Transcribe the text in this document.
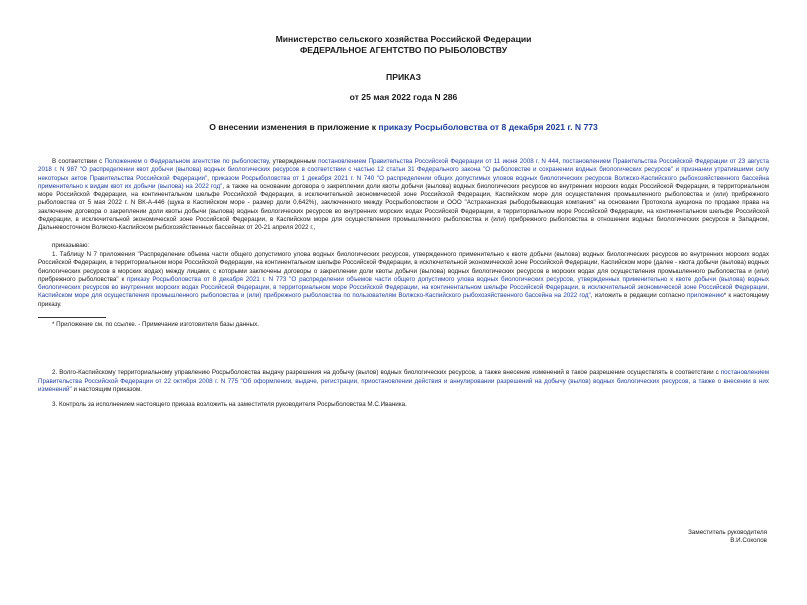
Министерство сельского хозяйства Российской Федерации
ФЕДЕРАЛЬНОЕ АГЕНТСТВО ПО РЫБОЛОВСТВУ
ПРИКАЗ
от 25 мая 2022 года N 286
О внесении изменения в приложение к приказу Росрыболовства от 8 декабря 2021 г. N 773

В соответствии с Положением о Федеральном агентстве по рыболовству, утвержденным постановлением Правительства Российской Федерации от 11 июня 2008 г. N 444, постановлением Правительства Российской Федерации от 23 августа 2018 г. N 987 "О распределении квот добычи (вылова) водных биологических ресурсов в соответствии с частью 12 статьи 31 Федерального закона "О рыболовстве и сохранении водных биологических ресурсов" и признании утратившими силу некоторых актов Правительства Российской Федерации", приказом Росрыболовства от 1 декабря 2021 г. N 740 "О распределении общих допустимых уловов водных биологических ресурсов Волжско-Каспийского рыбохозяйственного бассейна применительно к видам квот их добычи (вылова) на 2022 год", а также на основании договора о закреплении доли квоты добычи (вылова) водных биологических ресурсов во внутренних морских водах Российской Федерации, в территориальном море Российской Федерации, на континентальном шельфе Российской Федерации, в исключительной экономической зоне Российской Федерации, Каспийском море для осуществления промышленного рыболовства и (или) прибрежного рыболовства от 5 мая 2022 г. N ВК-А-446 (щука в Каспийском море - размер доли 0,642%), заключенного между Росрыболовством и ООО "Астраханская рыбодобывающая компания" на основании Протокола аукциона по продаже права на заключение договора о закреплении доли квоты добычи (вылова) водных биологических ресурсов во внутренних морских водах Российской Федерации, в территориальном море Российской Федерации, на континентальном шельфе Российской Федерации, в исключительной экономической зоне Российской Федерации, в Каспийском море для осуществления промышленного рыболовства и (или) прибрежного рыболовства в отношении водных биологических ресурсов в Западном, Дальневосточном Волжско-Каспийском рыбохозяйственных бассейнах от 20-21 апреля 2022 г.,

приказываю:

1. Таблицу N 7 приложения "Распределение объема части общего допустимого улова водных биологических ресурсов, утвержденного применительно к квоте добычи (вылова) водных биологических ресурсов во внутренних морских водах Российской Федерации, в территориальном море Российской Федерации, на континентальном шельфе Российской Федерации, в исключительной экономической зоне Российской Федерации, Каспийском море (далее - квота добычи (вылова) водных биологических ресурсов в морских водах) между лицами, с которыми заключены договоры о закреплении доли квоты добычи (вылова) водных биологических ресурсов в морских водах для осуществления промышленного рыболовства и (или) прибрежного рыболовства" к приказу Росрыболовства от 8 декабря 2021 г. N 773 "О распределении объемов части общего допустимого улова водных биологических ресурсов, утвержденных применительно к квоте добычи (вылова) водных биологических ресурсов во внутренних морских водах Российской Федерации, в территориальном море Российской Федерации, на континентальном шельфе Российской Федерации, в исключительной экономической зоне Российской Федерации, Каспийском море для осуществления промышленного рыболовства и (или) прибрежного рыболовства по пользователям Волжско-Каспийского рыбохозяйственного бассейна на 2022 год", изложить в редакции согласно приложению* к настоящему приказу.

* Приложение см. по ссылке. - Примечание изготовителя базы данных.

2. Волго-Каспийскому территориальному управлению Росрыболовства выдачу разрешения на добычу (вылов) водных биологических ресурсов, а также внесение изменений в такое разрешение осуществлять в соответствии с постановлением Правительства Российской Федерации от 22 октября 2008 г. N 775 "Об оформлении, выдаче, регистрации, приостановлении действия и аннулировании разрешений на добычу (вылов) водных биологических ресурсов, а также о внесении в них изменений" и настоящим приказом.

3. Контроль за исполнением настоящего приказа возложить на заместителя руководителя Росрыболовства М.С.Иваника.

Заместитель руководителя
В.И.Соколов
